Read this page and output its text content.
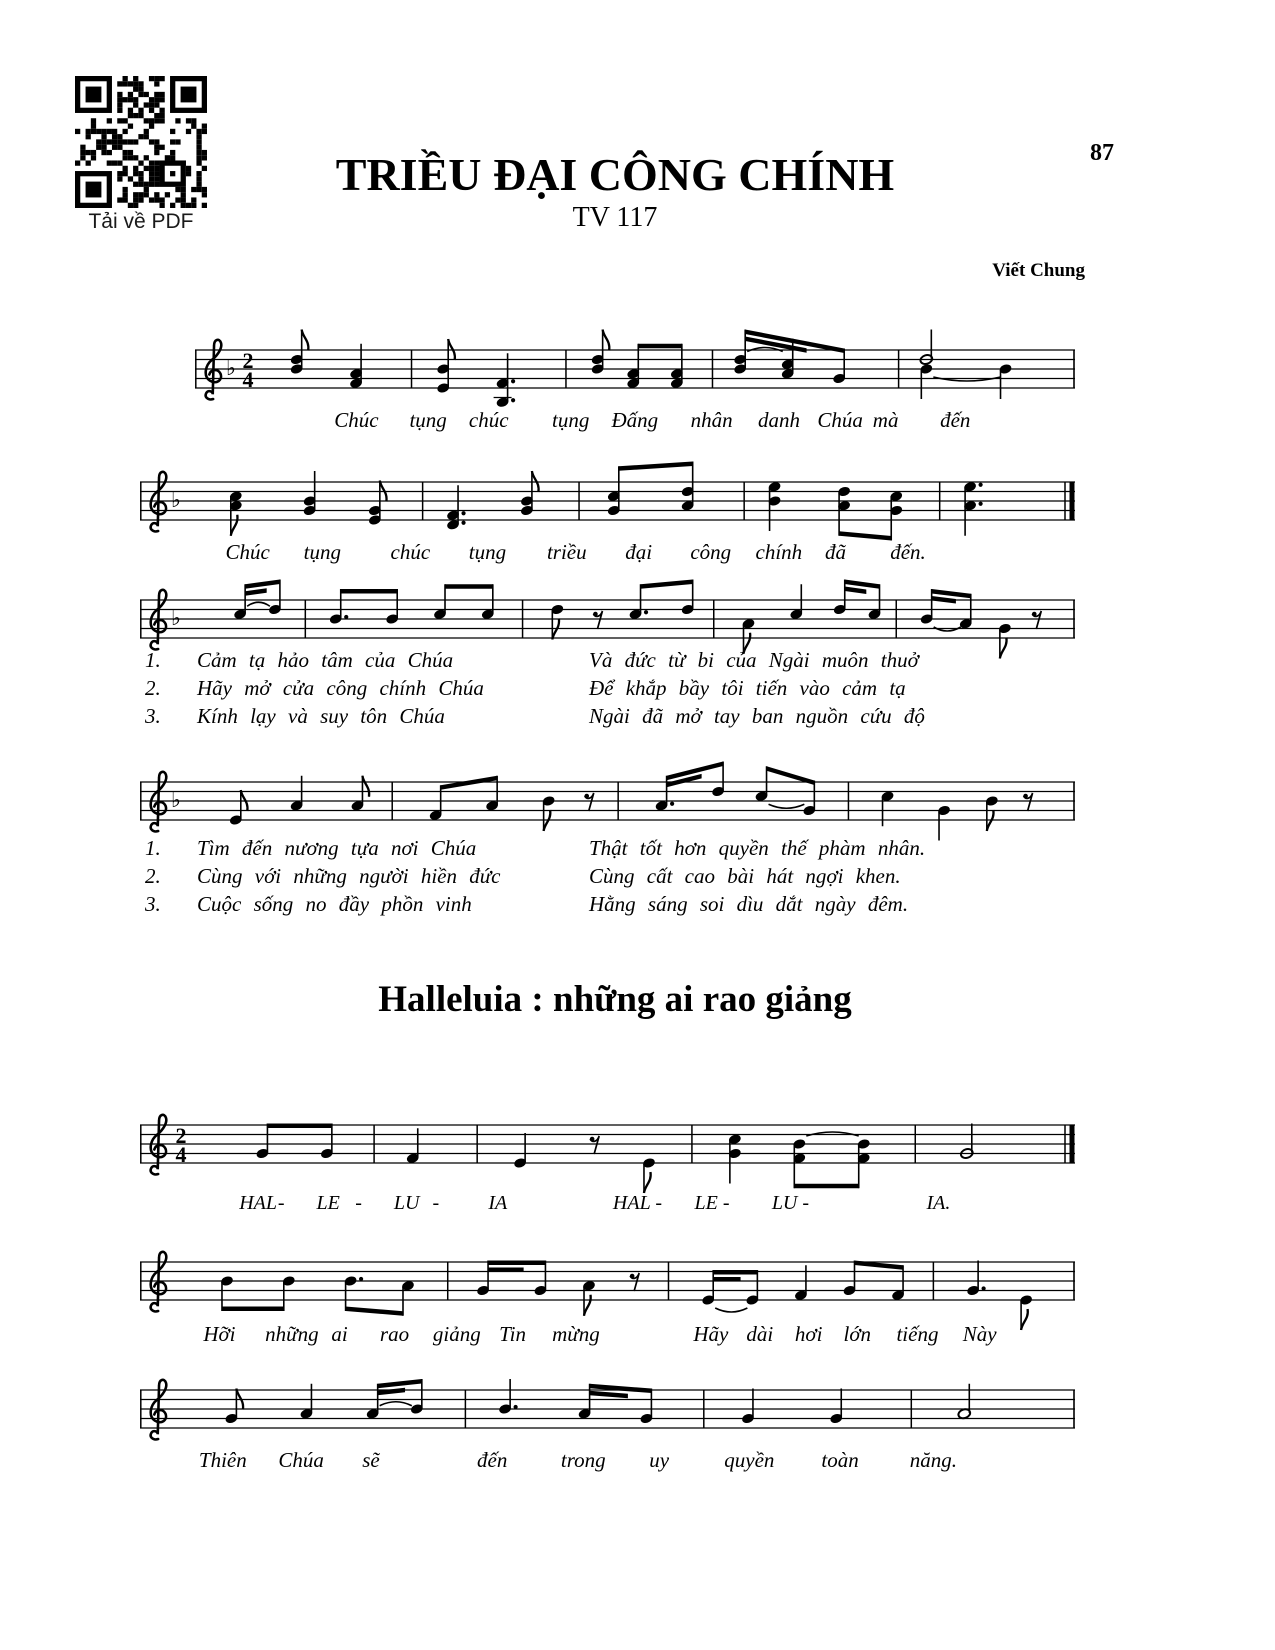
Tải về PDF
87
TRIỀU ĐẠI CÔNG CHÍNH
TV 117
Viết Chung
♭ 2
4
Chúc tụng chúc tụng Đấng nhân danh Chúa mà đến
♭
Chúc tụng chúc tụng triều đại công chính đã đến.
♭
♭
2
4
HAL - LE - LU - IA	HAL - LE - LU -	IA.
Hỡi những ai rao giảng Tin mừng	Hãy dài hơi lớn tiếng Này
Thiên Chúa sẽ	đến	trong uy	quyền toàn năng.
1.	Cảm tạ hảo tâm của Chúa	Và đức từ bi của Ngài muôn thuở
2.	Hãy mở cửa công chính Chúa	Để khắp bầy tôi tiến vào cảm tạ
3.	Kính lạy và suy tôn Chúa	Ngài đã mở tay ban nguồn cứu độ
1.	Tìm đến nương tựa nơi Chúa	Thật tốt hơn quyền thế phàm nhân.
2.	Cùng với những người hiền đức	Cùng cất cao bài hát ngợi khen.
3.	Cuộc sống no đầy phồn vinh	Hằng sáng soi dìu dắt ngày đêm.
Halleluia : những ai rao giảng
